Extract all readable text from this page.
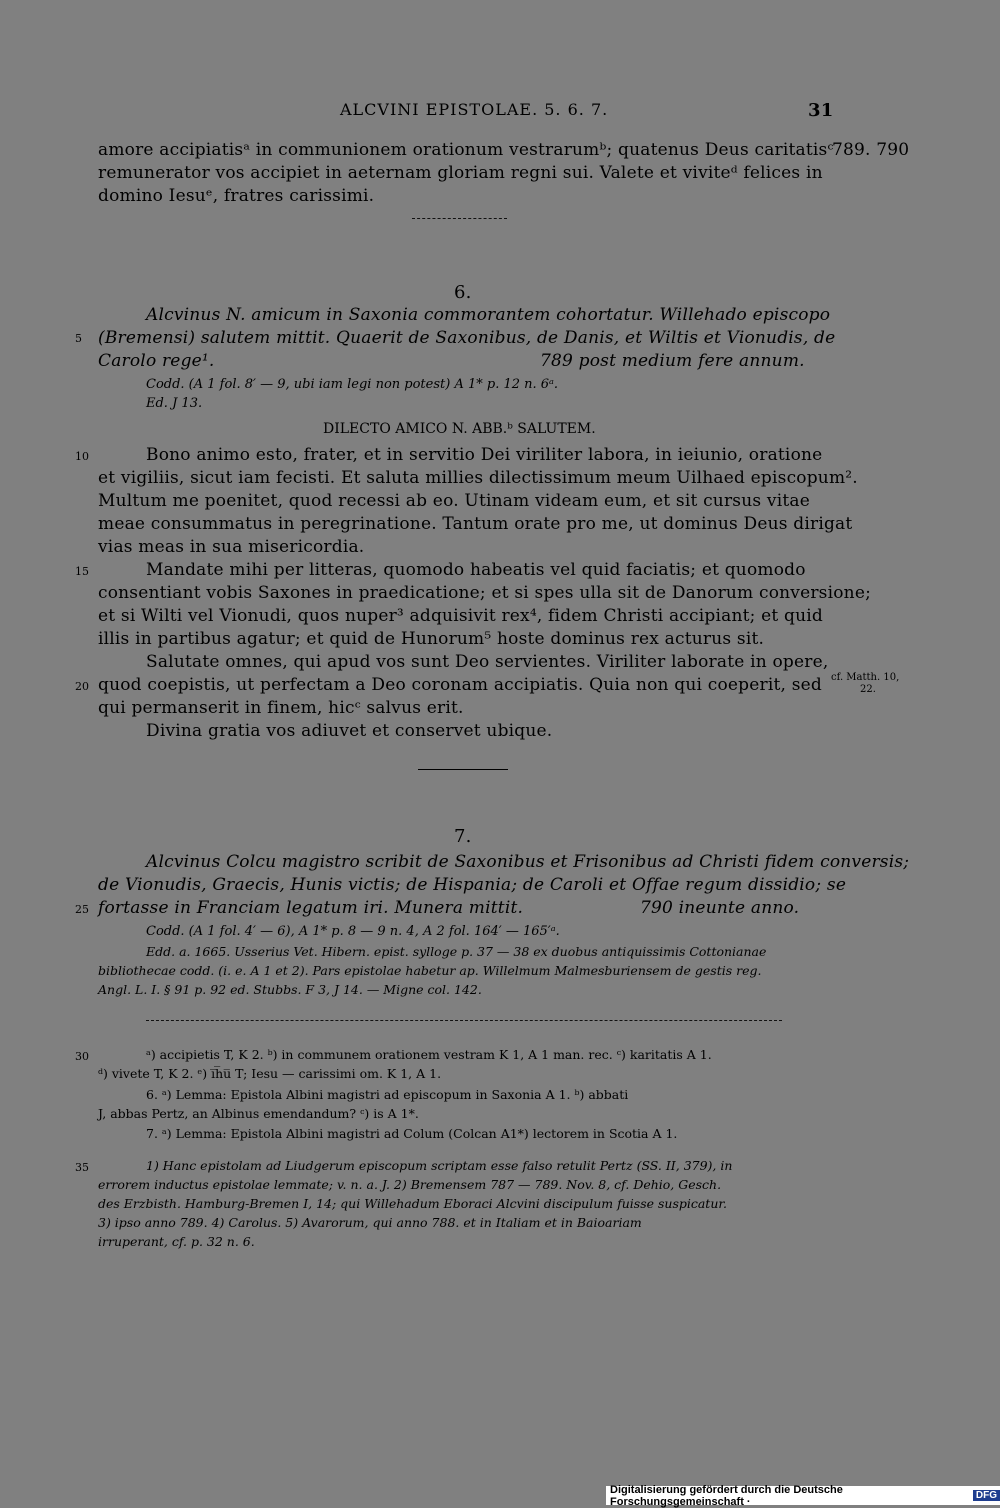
ALCVINI EPISTOLAE. 5. 6. 7.	31
amore accipiatisᵃ in communionem orationum vestrarumᵇ; quatenus Deus caritatisᶜ
789. 790
remunerator vos accipiet in aeternam gloriam regni sui. Valete et viviteᵈ felices in
domino Iesuᵉ, fratres carissimi.
6.
Alcvinus N. amicum in Saxonia commorantem cohortatur. Willehado episcopo
5 (Bremensi) salutem mittit. Quaerit de Saxonibus, de Danis, et Wiltis et Vionudis, de
Carolo rege¹.	789 post medium fere annum.
Codd. (A 1 fol. 8′ — 9, ubi iam legi non potest) A 1* p. 12 n. 6ᵃ.
Ed. J 13.
DILECTO AMICO N. ABB.ᵇ SALUTEM.
10	Bono animo esto, frater, et in servitio Dei viriliter labora, in ieiunio, oratione
et vigiliis, sicut iam fecisti. Et saluta millies dilectissimum meum Uilhaed episcopum².
Multum me poenitet, quod recessi ab eo. Utinam videam eum, et sit cursus vitae
meae consummatus in peregrinatione. Tantum orate pro me, ut dominus Deus dirigat
vias meas in sua misericordia.
15	Mandate mihi per litteras, quomodo habeatis vel quid faciatis; et quomodo
consentiant vobis Saxones in praedicatione; et si spes ulla sit de Danorum conversione;
et si Wilti vel Vionudi, quos nuper³ adquisivit rex⁴, fidem Christi accipiant; et quid
illis in partibus agatur; et quid de Hunorum⁵ hoste dominus rex acturus sit.
Salutate omnes, qui apud vos sunt Deo servientes. Viriliter laborate in opere,
20 quod coepistis, ut perfectam a Deo coronam accipiatis. Quia non qui coeperit, sed cf. Matth. 10,
22.
qui permanserit in finem, hicᶜ salvus erit.
Divina gratia vos adiuvet et conservet ubique.
7.
Alcvinus Colcu magistro scribit de Saxonibus et Frisonibus ad Christi fidem conversis;
de Vionudis, Graecis, Hunis victis; de Hispania; de Caroli et Offae regum dissidio; se
25 fortasse in Franciam legatum iri. Munera mittit.	790 ineunte anno.
Codd. (A 1 fol. 4′ — 6), A 1* p. 8 — 9 n. 4, A 2 fol. 164′ — 165′ᵃ.
Edd. a. 1665. Usserius Vet. Hibern. epist. sylloge p. 37 — 38 ex duobus antiquissimis Cottonianae
bibliothecae codd. (i. e. A 1 et 2). Pars epistolae habetur ap. Willelmum Malmesburiensem de gestis reg.
Angl. L. I. § 91 p. 92 ed. Stubbs. F 3, J 14. — Migne col. 142.
30	ᵃ) accipietis T, K 2. ᵇ) in communem orationem vestram K 1, A 1 man. rec. ᶜ) karitatis A 1.
ᵈ) vivete T, K 2. ᵉ) i̅h̅u̅ T; Iesu — carissimi om. K 1, A 1.
6. ᵃ) Lemma: Epistola Albini magistri ad episcopum in Saxonia A 1. ᵇ) abbati
J, abbas Pertz, an Albinus emendandum? ᶜ) is A 1*.
7. ᵃ) Lemma: Epistola Albini magistri ad Colum (Colcan A1*) lectorem in Scotia A 1.
35	1) Hanc epistolam ad Liudgerum episcopum scriptam esse falso retulit Pertz (SS. II, 379), in
errorem inductus epistolae lemmate; v. n. a. J. 2) Bremensem 787 — 789. Nov. 8, cf. Dehio, Gesch.
des Erzbisth. Hamburg-Bremen I, 14; qui Willehadum Eboraci Alcvini discipulum fuisse suspicatur.
3) ipso anno 789. 4) Carolus. 5) Avarorum, qui anno 788. et in Italiam et in Baioariam
irruperant, cf. p. 32 n. 6.
Digitalisierung gefördert durch die Deutsche Forschungsgemeinschaft ·	DFG
